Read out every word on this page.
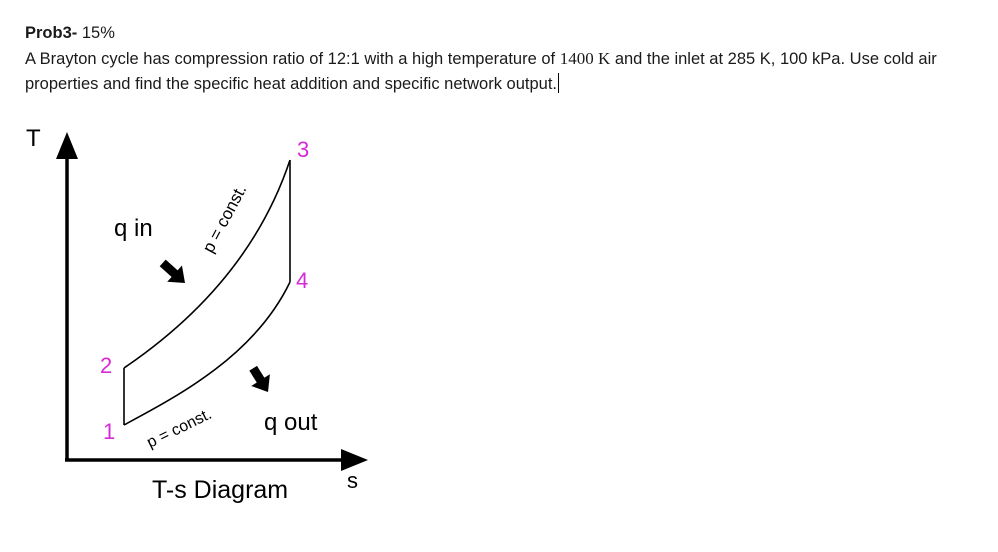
Prob3- 15%
A Brayton cycle has compression ratio of 12:1 with a high temperature of 1400 K and the inlet at 285 K, 100 kPa. Use cold air properties and find the specific heat addition and specific network output.
T
s
1
2
3
4
p = const.
p = const.
q in
q out
T-s Diagram
